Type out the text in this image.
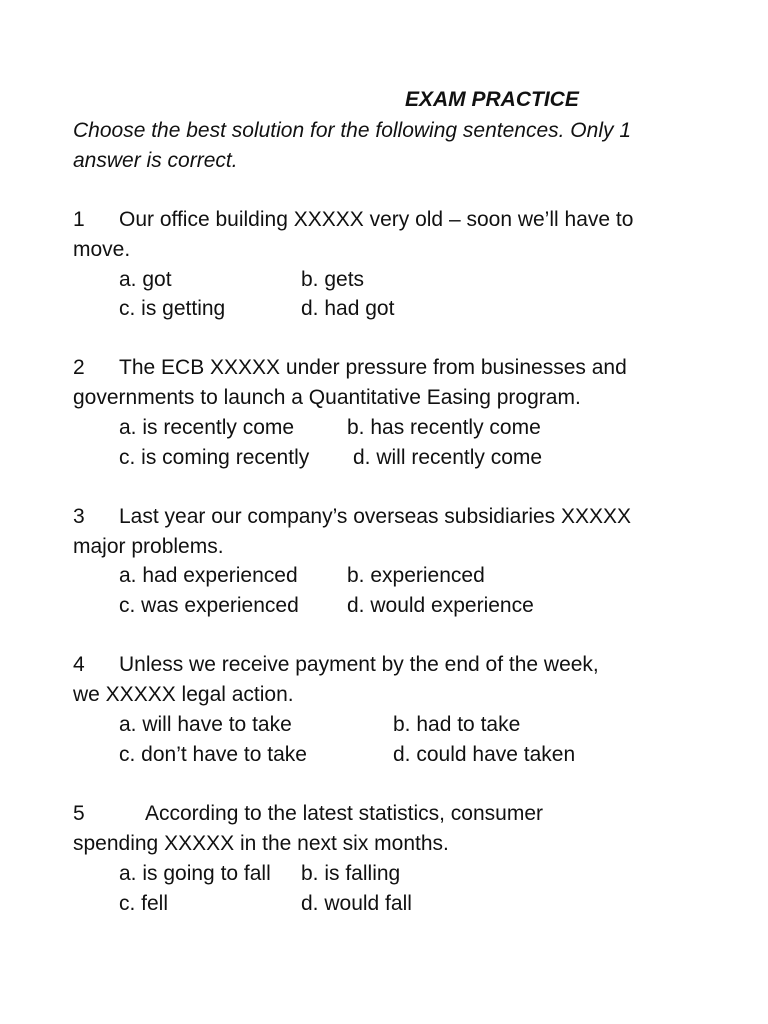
EXAM PRACTICE
Choose the best solution for the following sentences. Only 1
answer is correct.
1 Our office building XXXXX very old – soon we’ll have to
move.
a. got	b. gets
c. is getting	d. had got
2 The ECB XXXXX under pressure from businesses and
governments to launch a Quantitative Easing program.
a. is recently come	b. has recently come
c. is coming recently d. will recently come
3 Last year our company’s overseas subsidiaries XXXXX
major problems.
a. had experienced b. experienced
c. was experienced d. would experience
4 Unless we receive payment by the end of the week,
we XXXXX legal action.
a. will have to take	b. had to take
c. don’t have to take	d. could have taken
5	According to the latest statistics, consumer
spending XXXXX in the next six months.
a. is going to fall b. is falling
c. fell	d. would fall
